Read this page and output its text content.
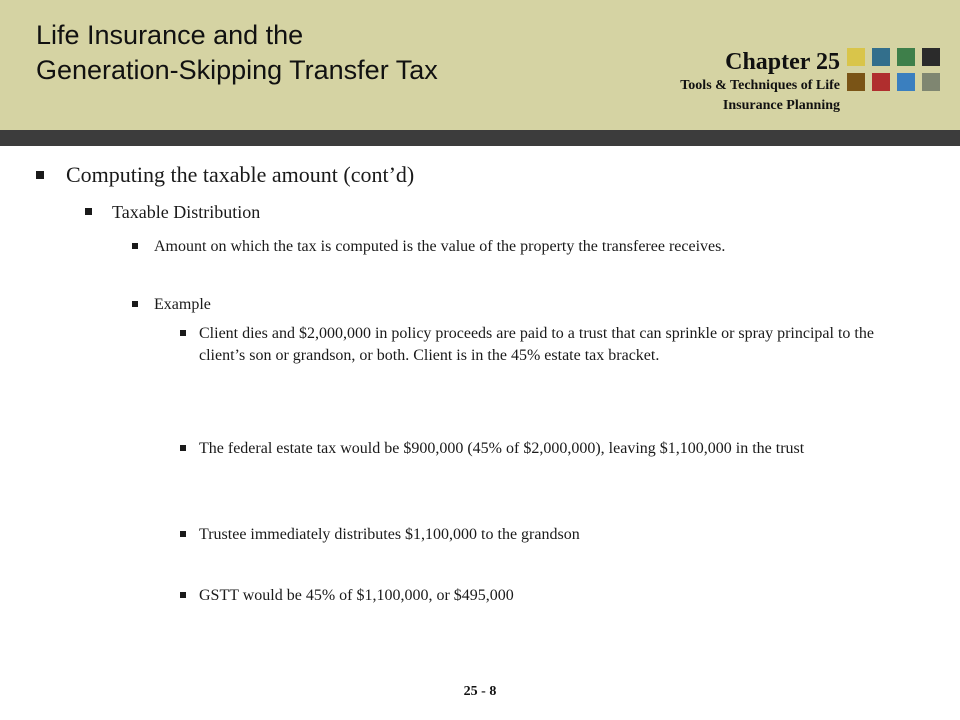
Life Insurance and the
Generation-Skipping Transfer Tax	Chapter 25
Tools & Techniques of Life
Insurance Planning
Computing the taxable amount (cont’d)
Taxable Distribution
Amount on which the tax is computed is the value of the property the transferee receives.
Example
Client dies and $2,000,000 in policy proceeds are paid to a trust that can sprinkle or spray principal to the client’s son or grandson, or both. Client is in the 45% estate tax bracket.
The federal estate tax would be $900,000 (45% of $2,000,000), leaving $1,100,000 in the trust
Trustee immediately distributes $1,100,000 to the grandson
GSTT would be 45% of $1,100,000, or $495,000
25 - 8
